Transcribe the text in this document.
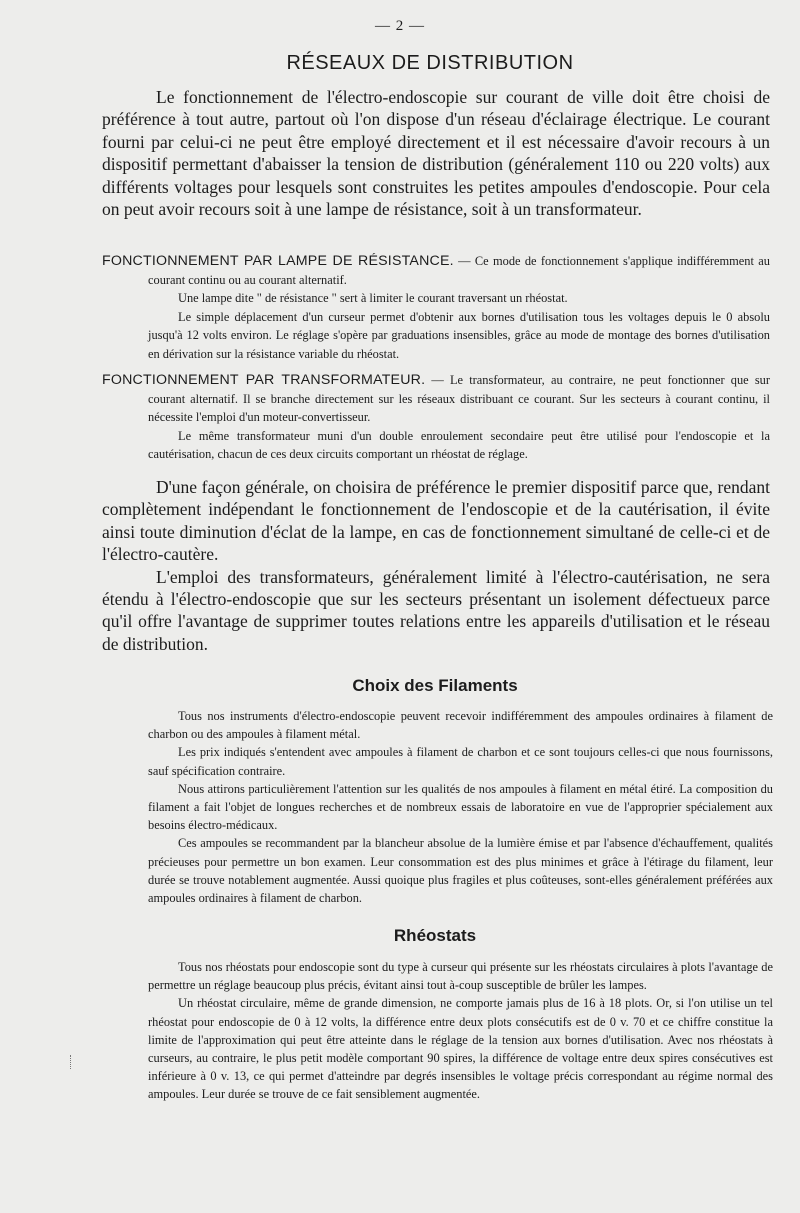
— 2 —
RÉSEAUX DE DISTRIBUTION

Le fonctionnement de l'électro-endoscopie sur courant de ville doit être choisi de préférence à tout autre, partout où l'on dispose d'un réseau d'éclairage électrique. Le courant fourni par celui-ci ne peut être employé directement et il est nécessaire d'avoir recours à un dispositif permettant d'abaisser la tension de distribution (généralement 110 ou 220 volts) aux différents voltages pour lesquels sont construites les petites ampoules d'endoscopie. Pour cela on peut avoir recours soit à une lampe de résistance, soit à un transformateur.

FONCTIONNEMENT PAR LAMPE DE RÉSISTANCE. — Ce mode de fonctionnement s'applique indifféremment au courant continu ou au courant alternatif.

Une lampe dite " de résistance " sert à limiter le courant traversant un rhéostat.

Le simple déplacement d'un curseur permet d'obtenir aux bornes d'utilisation tous les voltages depuis le 0 absolu jusqu'à 12 volts environ. Le réglage s'opère par graduations insensibles, grâce au mode de montage des bornes d'utilisation en dérivation sur la résistance variable du rhéostat.

FONCTIONNEMENT PAR TRANSFORMATEUR. — Le transformateur, au contraire, ne peut fonctionner que sur courant alternatif. Il se branche directement sur les réseaux distribuant ce courant. Sur les secteurs à courant continu, il nécessite l'emploi d'un moteur-convertisseur.

Le même transformateur muni d'un double enroulement secondaire peut être utilisé pour l'endoscopie et la cautérisation, chacun de ces deux circuits comportant un rhéostat de réglage.

D'une façon générale, on choisira de préférence le premier dispositif parce que, rendant complètement indépendant le fonctionnement de l'endoscopie et de la cautérisation, il évite ainsi toute diminution d'éclat de la lampe, en cas de fonctionnement simultané de celle-ci et de l'électro-cautère.

L'emploi des transformateurs, généralement limité à l'électro-cautérisation, ne sera étendu à l'électro-endoscopie que sur les secteurs présentant un isolement défectueux parce qu'il offre l'avantage de supprimer toutes relations entre les appareils d'utilisation et le réseau de distribution.

Choix des Filaments

Tous nos instruments d'électro-endoscopie peuvent recevoir indifféremment des ampoules ordinaires à filament de charbon ou des ampoules à filament métal.

Les prix indiqués s'entendent avec ampoules à filament de charbon et ce sont toujours celles-ci que nous fournissons, sauf spécification contraire.

Nous attirons particulièrement l'attention sur les qualités de nos ampoules à filament en métal étiré. La composition du filament a fait l'objet de longues recherches et de nombreux essais de laboratoire en vue de l'approprier spécialement aux besoins électro-médicaux.

Ces ampoules se recommandent par la blancheur absolue de la lumière émise et par l'absence d'échauffement, qualités précieuses pour permettre un bon examen. Leur consommation est des plus minimes et grâce à l'étirage du filament, leur durée se trouve notablement augmentée. Aussi quoique plus fragiles et plus coûteuses, sont-elles généralement préférées aux ampoules ordinaires à filament de charbon.

Rhéostats

Tous nos rhéostats pour endoscopie sont du type à curseur qui présente sur les rhéostats circulaires à plots l'avantage de permettre un réglage beaucoup plus précis, évitant ainsi tout à-coup susceptible de brûler les lampes.

Un rhéostat circulaire, même de grande dimension, ne comporte jamais plus de 16 à 18 plots. Or, si l'on utilise un tel rhéostat pour endoscopie de 0 à 12 volts, la différence entre deux plots consécutifs est de 0 v. 70 et ce chiffre constitue la limite de l'approximation qui peut être atteinte dans le réglage de la tension aux bornes d'utilisation. Avec nos rhéostats à curseurs, au contraire, le plus petit modèle comportant 90 spires, la différence de voltage entre deux spires consécutives est inférieure à 0 v. 13, ce qui permet d'atteindre par degrés insensibles le voltage précis correspondant au régime normal des ampoules. Leur durée se trouve de ce fait sensiblement augmentée.
